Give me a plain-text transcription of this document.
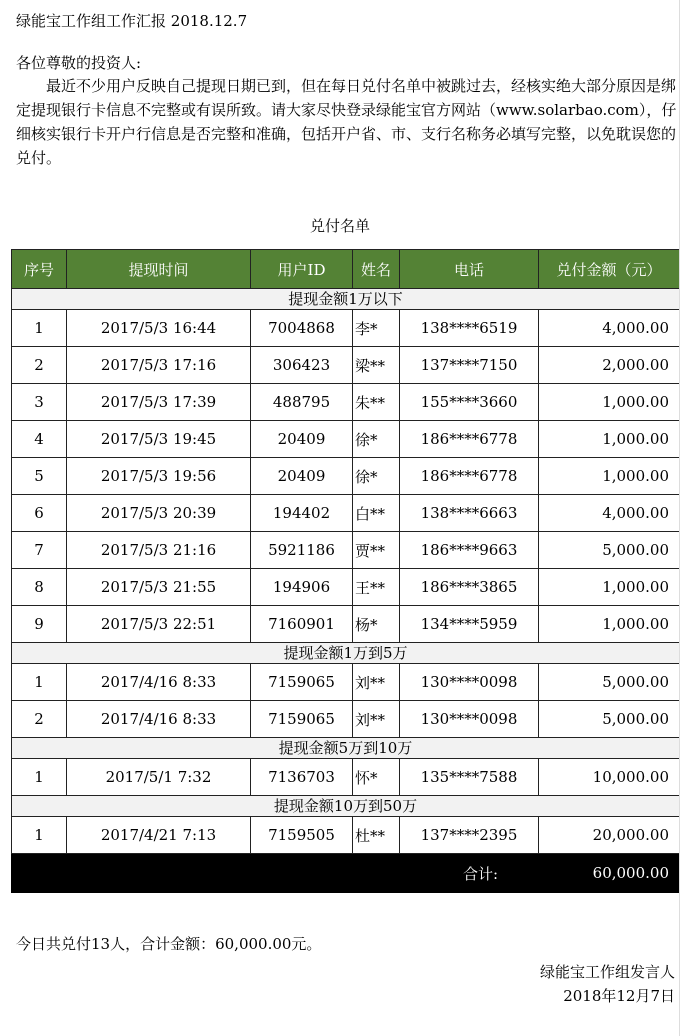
绿能宝工作组工作汇报 2018.12.7
各位尊敬的投资人:
最近不少用户反映自己提现日期已到，但在每日兑付名单中被跳过去，经核实绝大部分原因是绑定提现银行卡信息不完整或有误所致。请大家尽快登录绿能宝官方网站（www.solarbao.com），仔细核实银行卡开户行信息是否完整和准确，包括开户省、市、支行名称务必填写完整，以免耽误您的兑付。
兑付名单
序号	提现时间	用户ID	姓名	电话	兑付金额（元）
提现金额1万以下					
1	2017/5/3 16:44	7004868	李*	138****6519	4,000.00
2	2017/5/3 17:16	306423	梁**	137****7150	2,000.00
3	2017/5/3 17:39	488795	朱**	155****3660	1,000.00
4	2017/5/3 19:45	20409	徐*	186****6778	1,000.00
5	2017/5/3 19:56	20409	徐*	186****6778	1,000.00
6	2017/5/3 20:39	194402	白**	138****6663	4,000.00
7	2017/5/3 21:16	5921186	贾**	186****9663	5,000.00
8	2017/5/3 21:55	194906	王**	186****3865	1,000.00
9	2017/5/3 22:51	7160901	杨*	134****5959	1,000.00
提现金额1万到5万					
1	2017/4/16 8:33	7159065	刘**	130****0098	5,000.00
2	2017/4/16 8:33	7159065	刘**	130****0098	5,000.00
提现金额5万到10万					
1	2017/5/1 7:32	7136703	怀*	135****7588	10,000.00
提现金额10万到50万					
1	2017/4/21 7:13	7159505	杜**	137****2395	20,000.00
合计:					60,000.00
今日共兑付13人，合计金额：60,000.00元。
绿能宝工作组发言人
2018年12月7日
